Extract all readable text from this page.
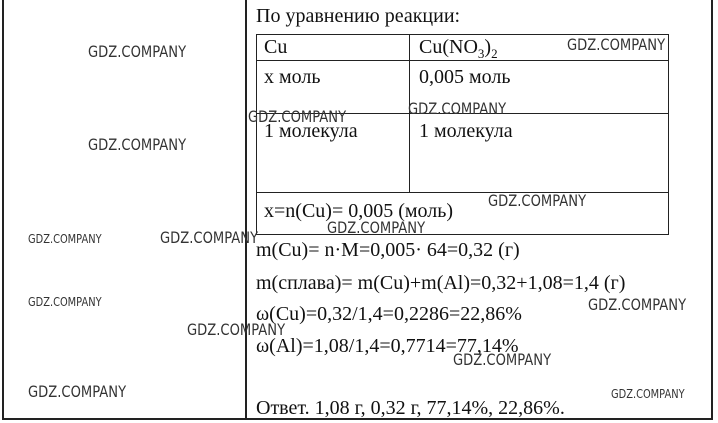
По уравнению реакции:
Cu	$Cu(NO_3)_2$
x моль	0,005 моль
1 молекула	1 молекула
x=n(Cu)= 0,005 (моль)
m(Cu)= n·M=0,005· 64=0,32 (г)
m(сплава)= m(Cu)+m(Al)=0,32+1,08=1,4 (г)
ω(Cu)=0,32/1,4=0,2286=22,86%
ω(Al)=1,08/1,4=0,7714=77,14%
Ответ. 1,08 г, 0,32 г, 77,14%, 22,86%.
GDZ.COMPANY
GDZ.COMPANY
GDZ.COMPANY	GDZ.COMPANY
GDZ.COMPANY
GDZ.COMPANY
GDZ.COMPANY
GDZ.COMPANY
GDZ.COMPANY	GDZ.COMPANY
GDZ.COMPANY
GDZ.COMPANY
GDZ.COMPANY
GDZ.COMPANY
GDZ.COMPANY
